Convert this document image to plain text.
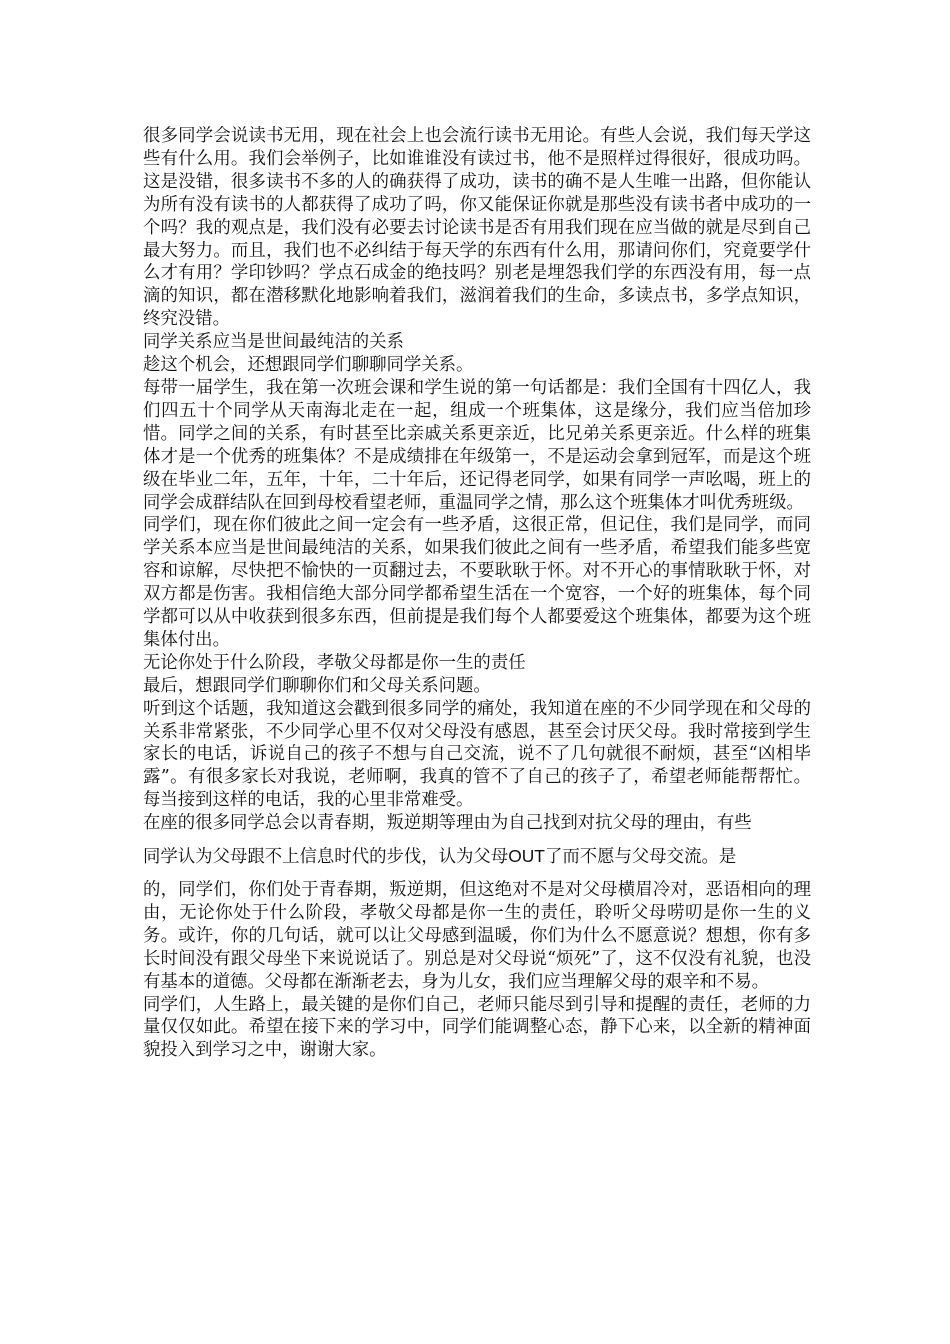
很多同学会说读书无用，现在社会上也会流行读书无用论。有些人会说，我们每天学这些有什么用。我们会举例子，比如谁谁没有读过书，他不是照样过得很好，很成功吗。这是没错，很多读书不多的人的确获得了成功，读书的确不是人生唯一出路，但你能认为所有没有读书的人都获得了成功了吗，你又能保证你就是那些没有读书者中成功的一个吗？我的观点是，我们没有必要去讨论读书是否有用我们现在应当做的就是尽到自己最大努力。而且，我们也不必纠结于每天学的东西有什么用，那请问你们，究竟要学什么才有用？学印钞吗？学点石成金的绝技吗？别老是埋怨我们学的东西没有用，每一点滴的知识，都在潜移默化地影响着我们，滋润着我们的生命，多读点书，多学点知识，终究没错。

同学关系应当是世间最纯洁的关系

趁这个机会，还想跟同学们聊聊同学关系。

每带一届学生，我在第一次班会课和学生说的第一句话都是：我们全国有十四亿人，我们四五十个同学从天南海北走在一起，组成一个班集体，这是缘分，我们应当倍加珍惜。同学之间的关系，有时甚至比亲戚关系更亲近，比兄弟关系更亲近。什么样的班集体才是一个优秀的班集体？不是成绩排在年级第一，不是运动会拿到冠军，而是这个班级在毕业二年，五年，十年，二十年后，还记得老同学，如果有同学一声吆喝，班上的同学会成群结队在回到母校看望老师，重温同学之情，那么这个班集体才叫优秀班级。

同学们，现在你们彼此之间一定会有一些矛盾，这很正常，但记住，我们是同学，而同学关系本应当是世间最纯洁的关系，如果我们彼此之间有一些矛盾，希望我们能多些宽容和谅解，尽快把不愉快的一页翻过去，不要耿耿于怀。对不开心的事情耿耿于怀，对双方都是伤害。我相信绝大部分同学都希望生活在一个宽容，一个好的班集体，每个同学都可以从中收获到很多东西，但前提是我们每个人都要爱这个班集体，都要为这个班集体付出。

无论你处于什么阶段，孝敬父母都是你一生的责任

最后，想跟同学们聊聊你们和父母关系问题。

听到这个话题，我知道这会戳到很多同学的痛处，我知道在座的不少同学现在和父母的关系非常紧张，不少同学心里不仅对父母没有感恩，甚至会讨厌父母。我时常接到学生家长的电话，诉说自己的孩子不想与自己交流，说不了几句就很不耐烦，甚至“凶相毕露”。有很多家长对我说，老师啊，我真的管不了自己的孩子了，希望老师能帮帮忙。每当接到这样的电话，我的心里非常难受。

在座的很多同学总会以青春期，叛逆期等理由为自己找到对抗父母的理由，有些

同学认为父母跟不上信息时代的步伐，认为父母OUT了而不愿与父母交流。是

的，同学们，你们处于青春期，叛逆期，但这绝对不是对父母横眉冷对，恶语相向的理由，无论你处于什么阶段，孝敬父母都是你一生的责任，聆听父母唠叨是你一生的义务。或许，你的几句话，就可以让父母感到温暖，你们为什么不愿意说？想想，你有多长时间没有跟父母坐下来说说话了。别总是对父母说“烦死”了，这不仅没有礼貌，也没有基本的道德。父母都在渐渐老去，身为儿女，我们应当理解父母的艰辛和不易。

同学们，人生路上，最关键的是你们自己，老师只能尽到引导和提醒的责任，老师的力量仅仅如此。希望在接下来的学习中，同学们能调整心态，静下心来，以全新的精神面貌投入到学习之中，谢谢大家。
